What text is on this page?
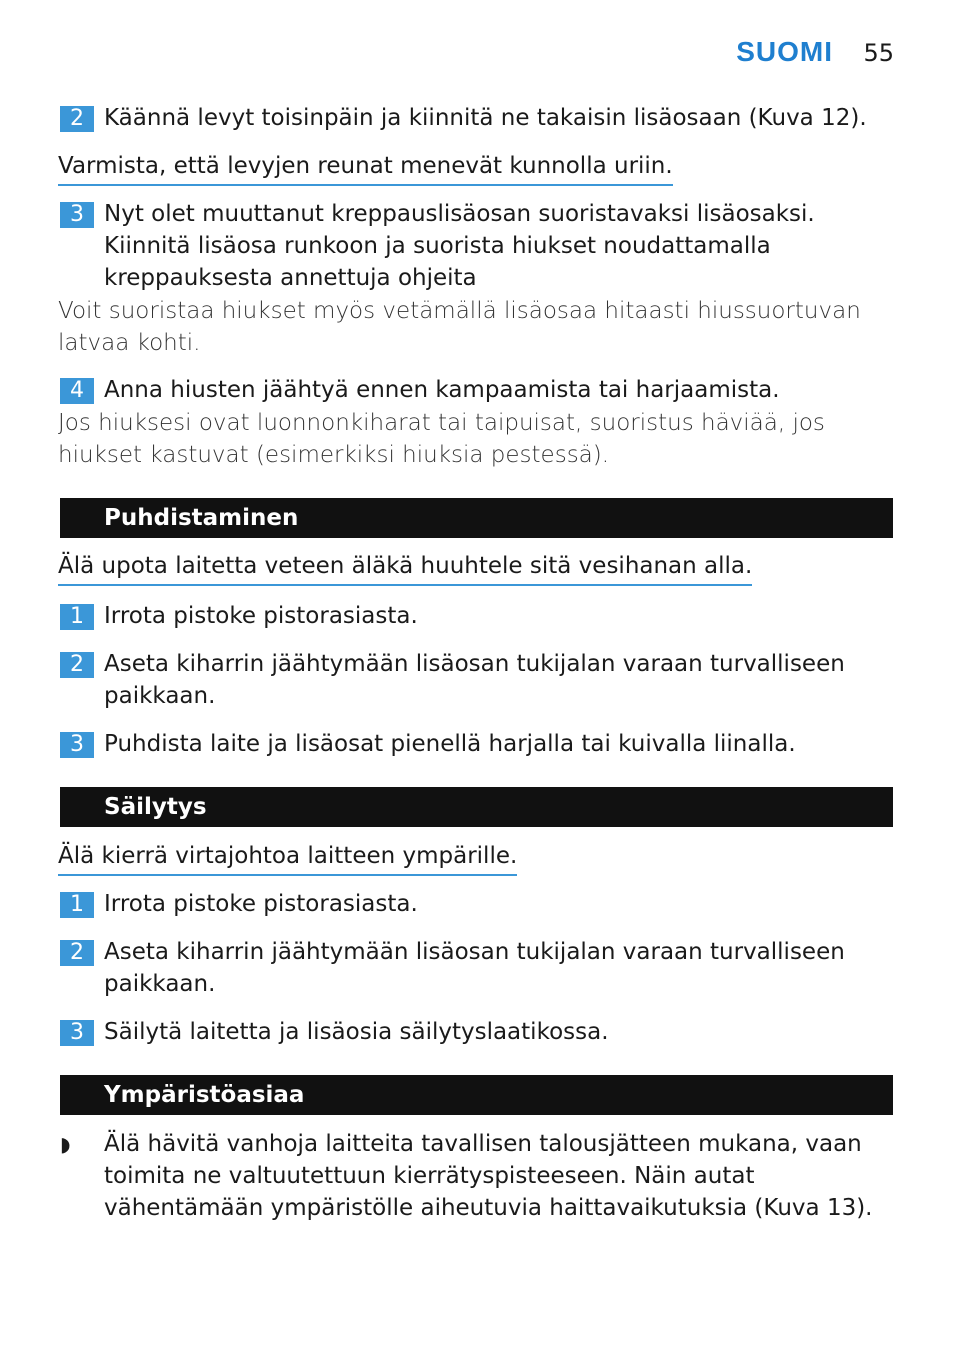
SUOMI 55
2 Käännä levyt toisinpäin ja kiinnitä ne takaisin lisäosaan (Kuva 12).
Varmista, että levyjen reunat menevät kunnolla uriin.
3 Nyt olet muuttanut kreppauslisäosan suoristavaksi lisäosaksi. Kiinnitä lisäosa runkoon ja suorista hiukset noudattamalla kreppauksesta annettuja ohjeita
Voit suoristaa hiukset myös vetämällä lisäosaa hitaasti hiussuortuvan latvaa kohti.
4 Anna hiusten jäähtyä ennen kampaamista tai harjaamista.
Jos hiuksesi ovat luonnonkiharat tai taipuisat, suoristus häviää, jos hiukset kastuvat (esimerkiksi hiuksia pestessä).
Puhdistaminen
Älä upota laitetta veteen äläkä huuhtele sitä vesihanan alla.
1 Irrota pistoke pistorasiasta.
2 Aseta kiharrin jäähtymään lisäosan tukijalan varaan turvalliseen paikkaan.
3 Puhdista laite ja lisäosat pienellä harjalla tai kuivalla liinalla.
Säilytys
Älä kierrä virtajohtoa laitteen ympärille.
1 Irrota pistoke pistorasiasta.
2 Aseta kiharrin jäähtymään lisäosan tukijalan varaan turvalliseen paikkaan.
3 Säilytä laitetta ja lisäosia säilytyslaatikossa.
Ympäristöasiaa
◗ Älä hävitä vanhoja laitteita tavallisen talousjätteen mukana, vaan toimita ne valtuutettuun kierrätyspisteeseen. Näin autat vähentämään ympäristölle aiheutuvia haittavaikutuksia (Kuva 13).
